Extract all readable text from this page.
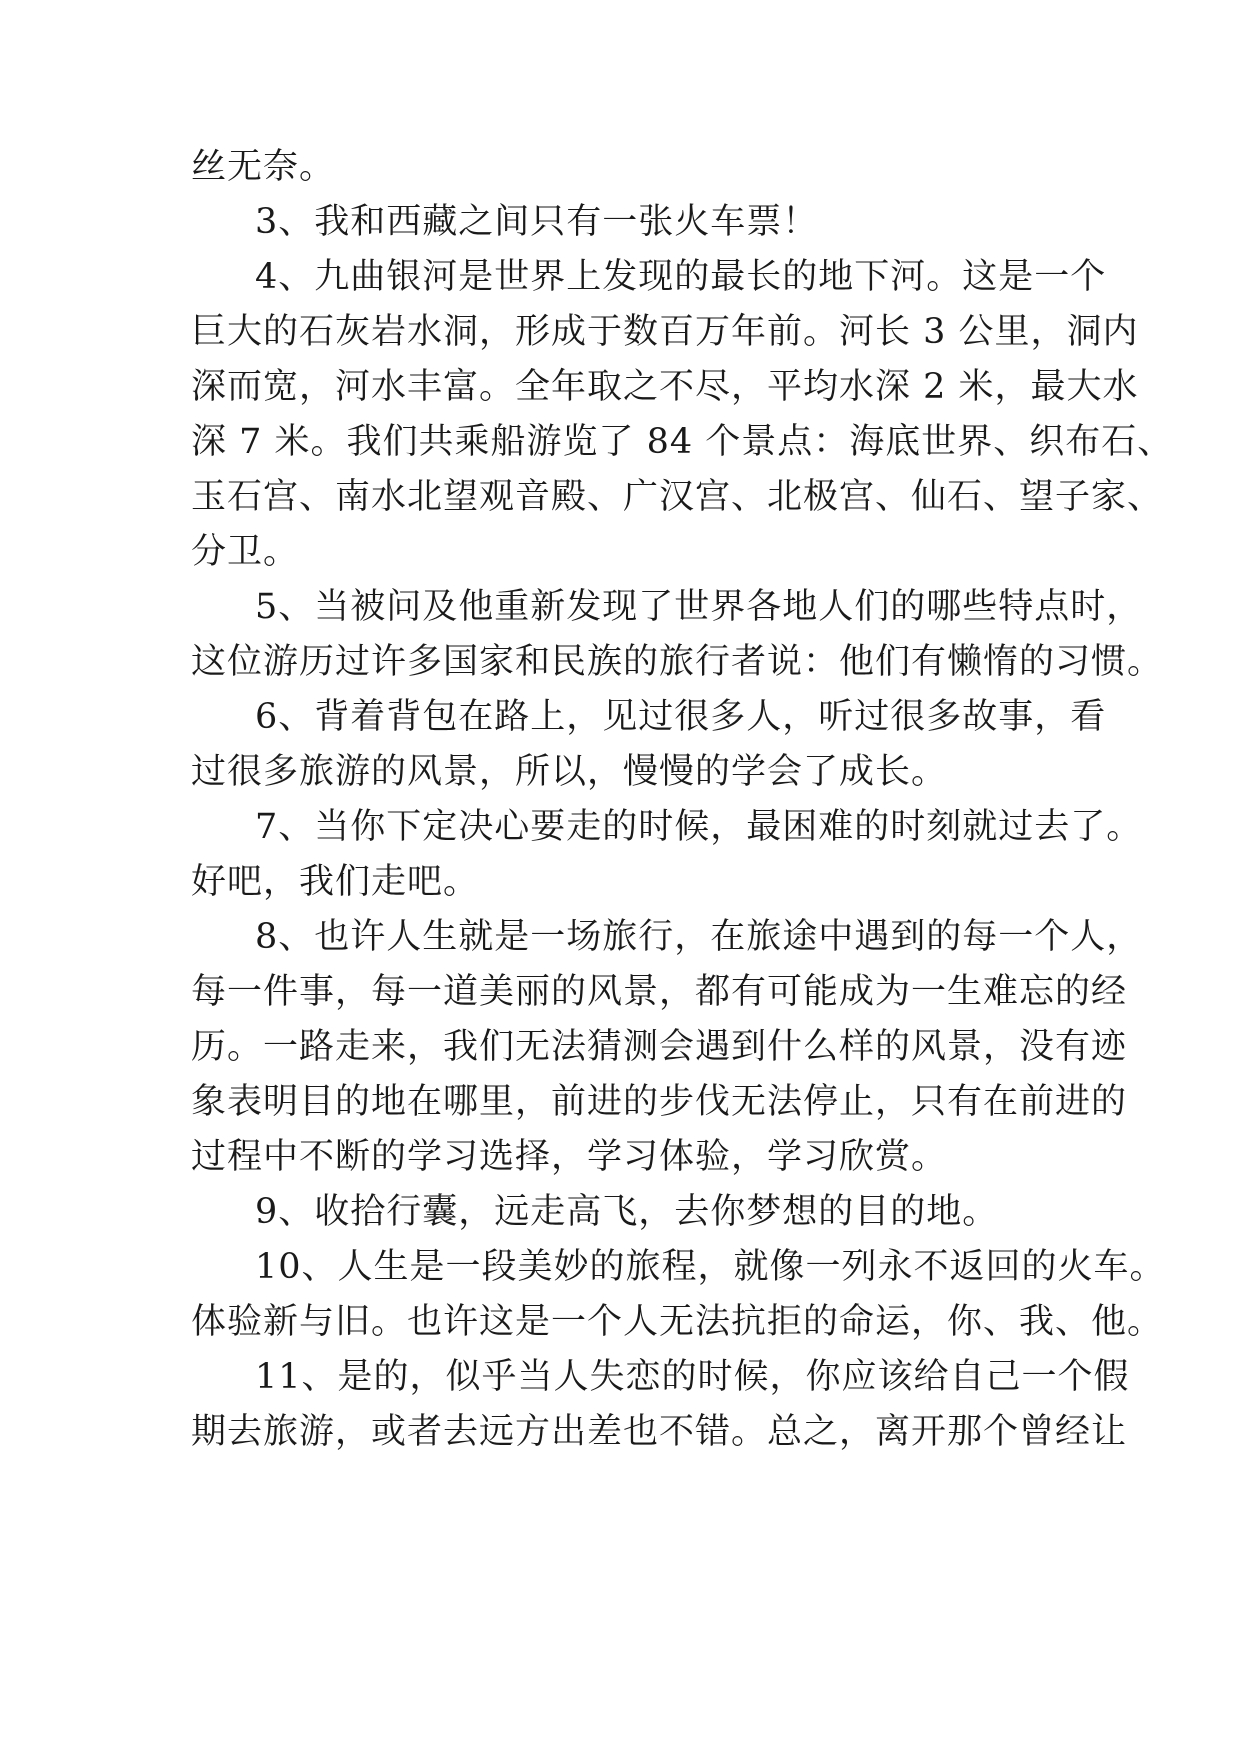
丝无奈。
3、我和西藏之间只有一张火车票！
4、九曲银河是世界上发现的最长的地下河。这是一个
巨大的石灰岩水洞，形成于数百万年前。河长 3 公里，洞内
深而宽，河水丰富。全年取之不尽，平均水深 2 米，最大水
深 7 米。我们共乘船游览了 84 个景点：海底世界、织布石、
玉石宫、南水北望观音殿、广汉宫、北极宫、仙石、望子家、
分卫。
5、当被问及他重新发现了世界各地人们的哪些特点时，
这位游历过许多国家和民族的旅行者说：他们有懒惰的习惯。
6、背着背包在路上，见过很多人，听过很多故事，看
过很多旅游的风景，所以，慢慢的学会了成长。
7、当你下定决心要走的时候，最困难的时刻就过去了。
好吧，我们走吧。
8、也许人生就是一场旅行，在旅途中遇到的每一个人，
每一件事，每一道美丽的风景，都有可能成为一生难忘的经
历。一路走来，我们无法猜测会遇到什么样的风景，没有迹
象表明目的地在哪里，前进的步伐无法停止，只有在前进的
过程中不断的学习选择，学习体验，学习欣赏。
9、收拾行囊，远走高飞，去你梦想的目的地。
10、人生是一段美妙的旅程，就像一列永不返回的火车。
体验新与旧。也许这是一个人无法抗拒的命运，你、我、他。
11、是的，似乎当人失恋的时候，你应该给自己一个假
期去旅游，或者去远方出差也不错。总之，离开那个曾经让
